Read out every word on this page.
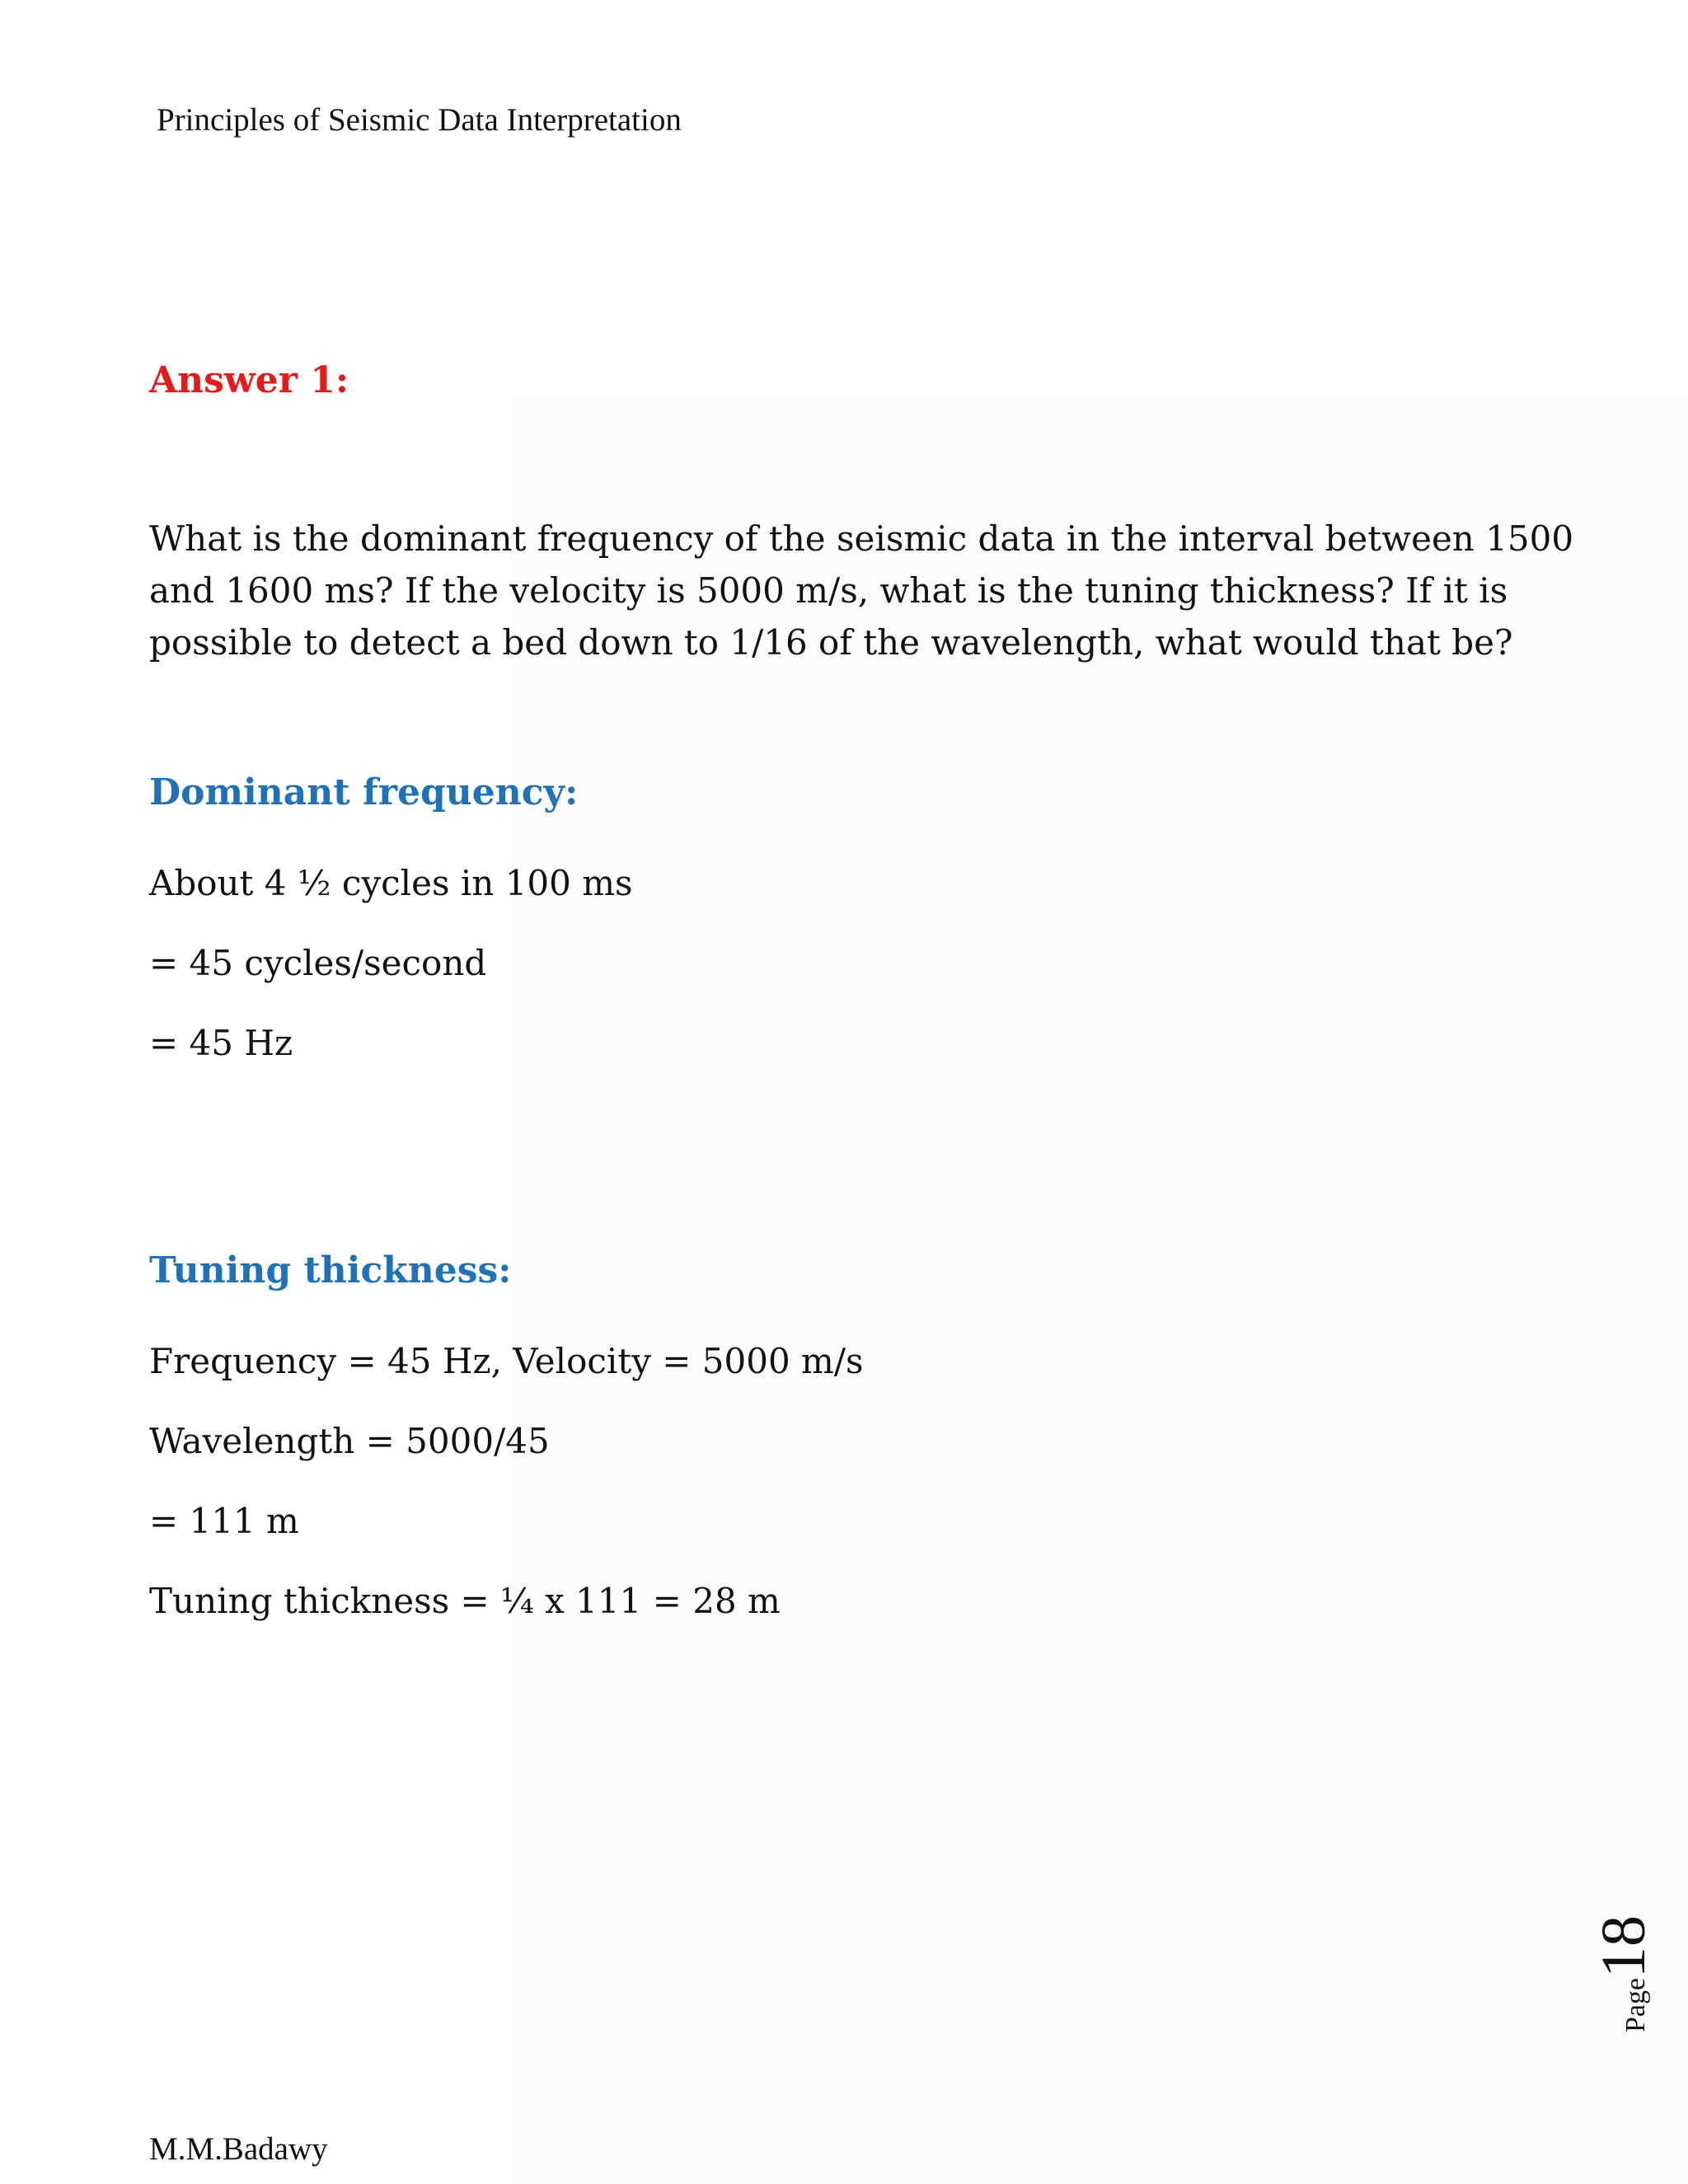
Principles of Seismic Data Interpretation
Answer 1:
What is the dominant frequency of the seismic data in the interval between 1500
and 1600 ms? If the velocity is 5000 m/s, what is the tuning thickness? If it is
possible to detect a bed down to 1/16 of the wavelength, what would that be?
Dominant frequency:
About 4 ½ cycles in 100 ms
= 45 cycles/second
= 45 Hz
Tuning thickness:
Frequency = 45 Hz, Velocity = 5000 m/s
Wavelength = 5000/45
= 111 m
Tuning thickness = ¼ x 111 = 28 m
Page18
M.M.Badawy
